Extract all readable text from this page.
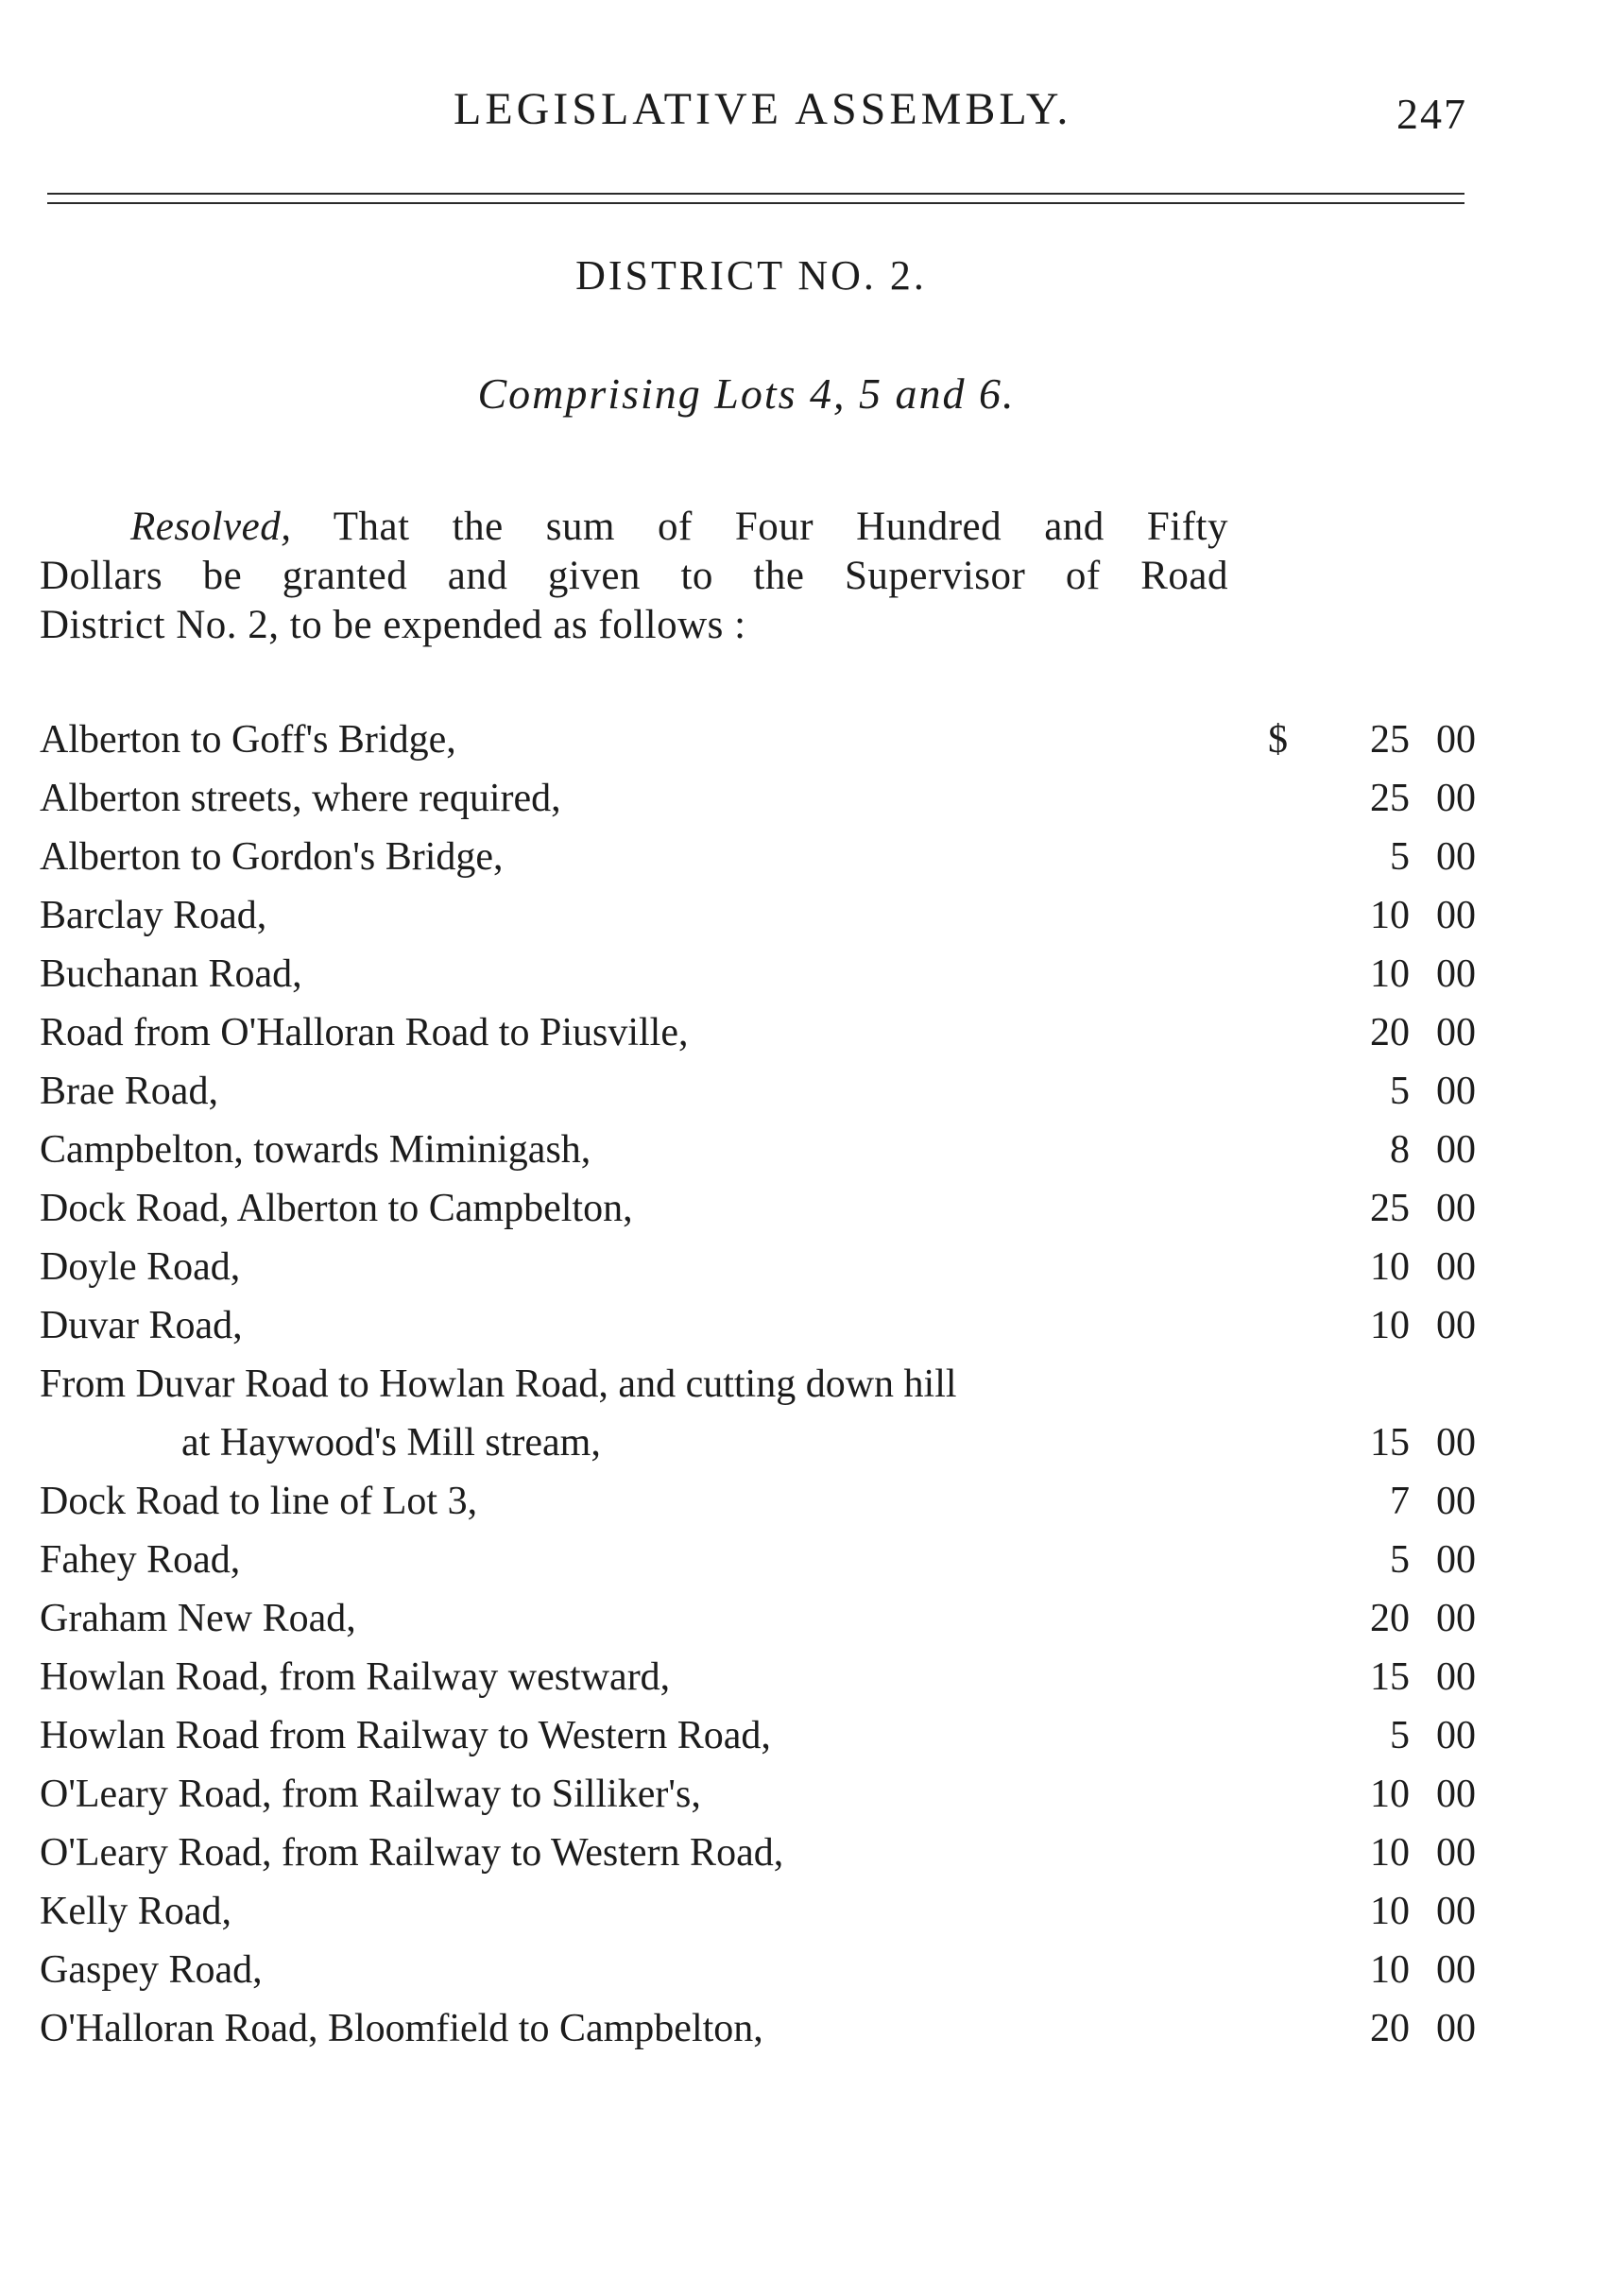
LEGISLATIVE ASSEMBLY.	247
DISTRICT NO. 2.
Comprising Lots 4, 5 and 6.
Resolved, That the sum of Four Hundred and Fifty
Dollars be granted and given to the Supervisor of Road
District No. 2, to be expended as follows :
Alberton to Goff's Bridge,	$	25 00
Alberton streets, where required,	25 00
Alberton to Gordon's Bridge,	5 00
Barclay Road,	10 00
Buchanan Road,	10 00
Road from O'Halloran Road to Piusville,	20 00
Brae Road,	5 00
Campbelton, towards Miminigash,	8 00
Dock Road, Alberton to Campbelton,	25 00
Doyle Road,	10 00
Duvar Road,	10 00
From Duvar Road to Howlan Road, and cutting down hill
at Haywood's Mill stream,	15 00
Dock Road to line of Lot 3,	7 00
Fahey Road,	5 00
Graham New Road,	20 00
Howlan Road, from Railway westward,	15 00
Howlan Road from Railway to Western Road,	5 00
O'Leary Road, from Railway to Silliker's,	10 00
O'Leary Road, from Railway to Western Road,	10 00
Kelly Road,	10 00
Gaspey Road,	10 00
O'Halloran Road, Bloomfield to Campbelton,	20 00
